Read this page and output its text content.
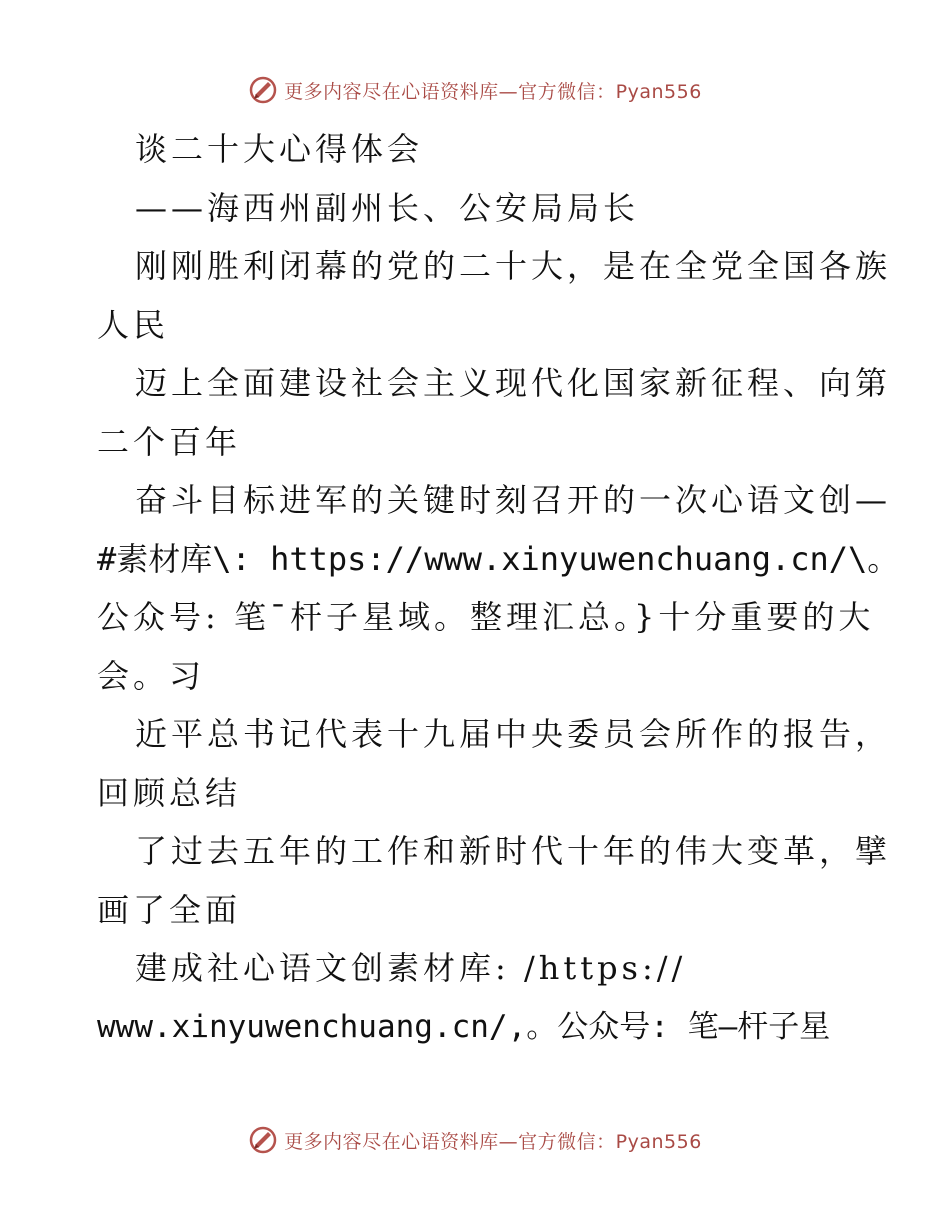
更多内容尽在心语资料库—官方微信：Pyan556
谈二十大心得体会
——海西州副州长、公安局局长
刚刚胜利闭幕的党的二十大，是在全党全国各族
人民
迈上全面建设社会主义现代化国家新征程、向第
二个百年
奋斗目标进军的关键时刻召开的一次心语文创—
#素材库\: https://www.xinyuwenchuang.cn/\。
公众号: 笔¯杆子星域。整理汇总。}十分重要的大
会。习
近平总书记代表十九届中央委员会所作的报告，
回顾总结
了过去五年的工作和新时代十年的伟大变革，擘
画了全面
建成社心语文创素材库: /https://
www.xinyuwenchuang.cn/,。公众号: 笔—杆子星
更多内容尽在心语资料库—官方微信：Pyan556
